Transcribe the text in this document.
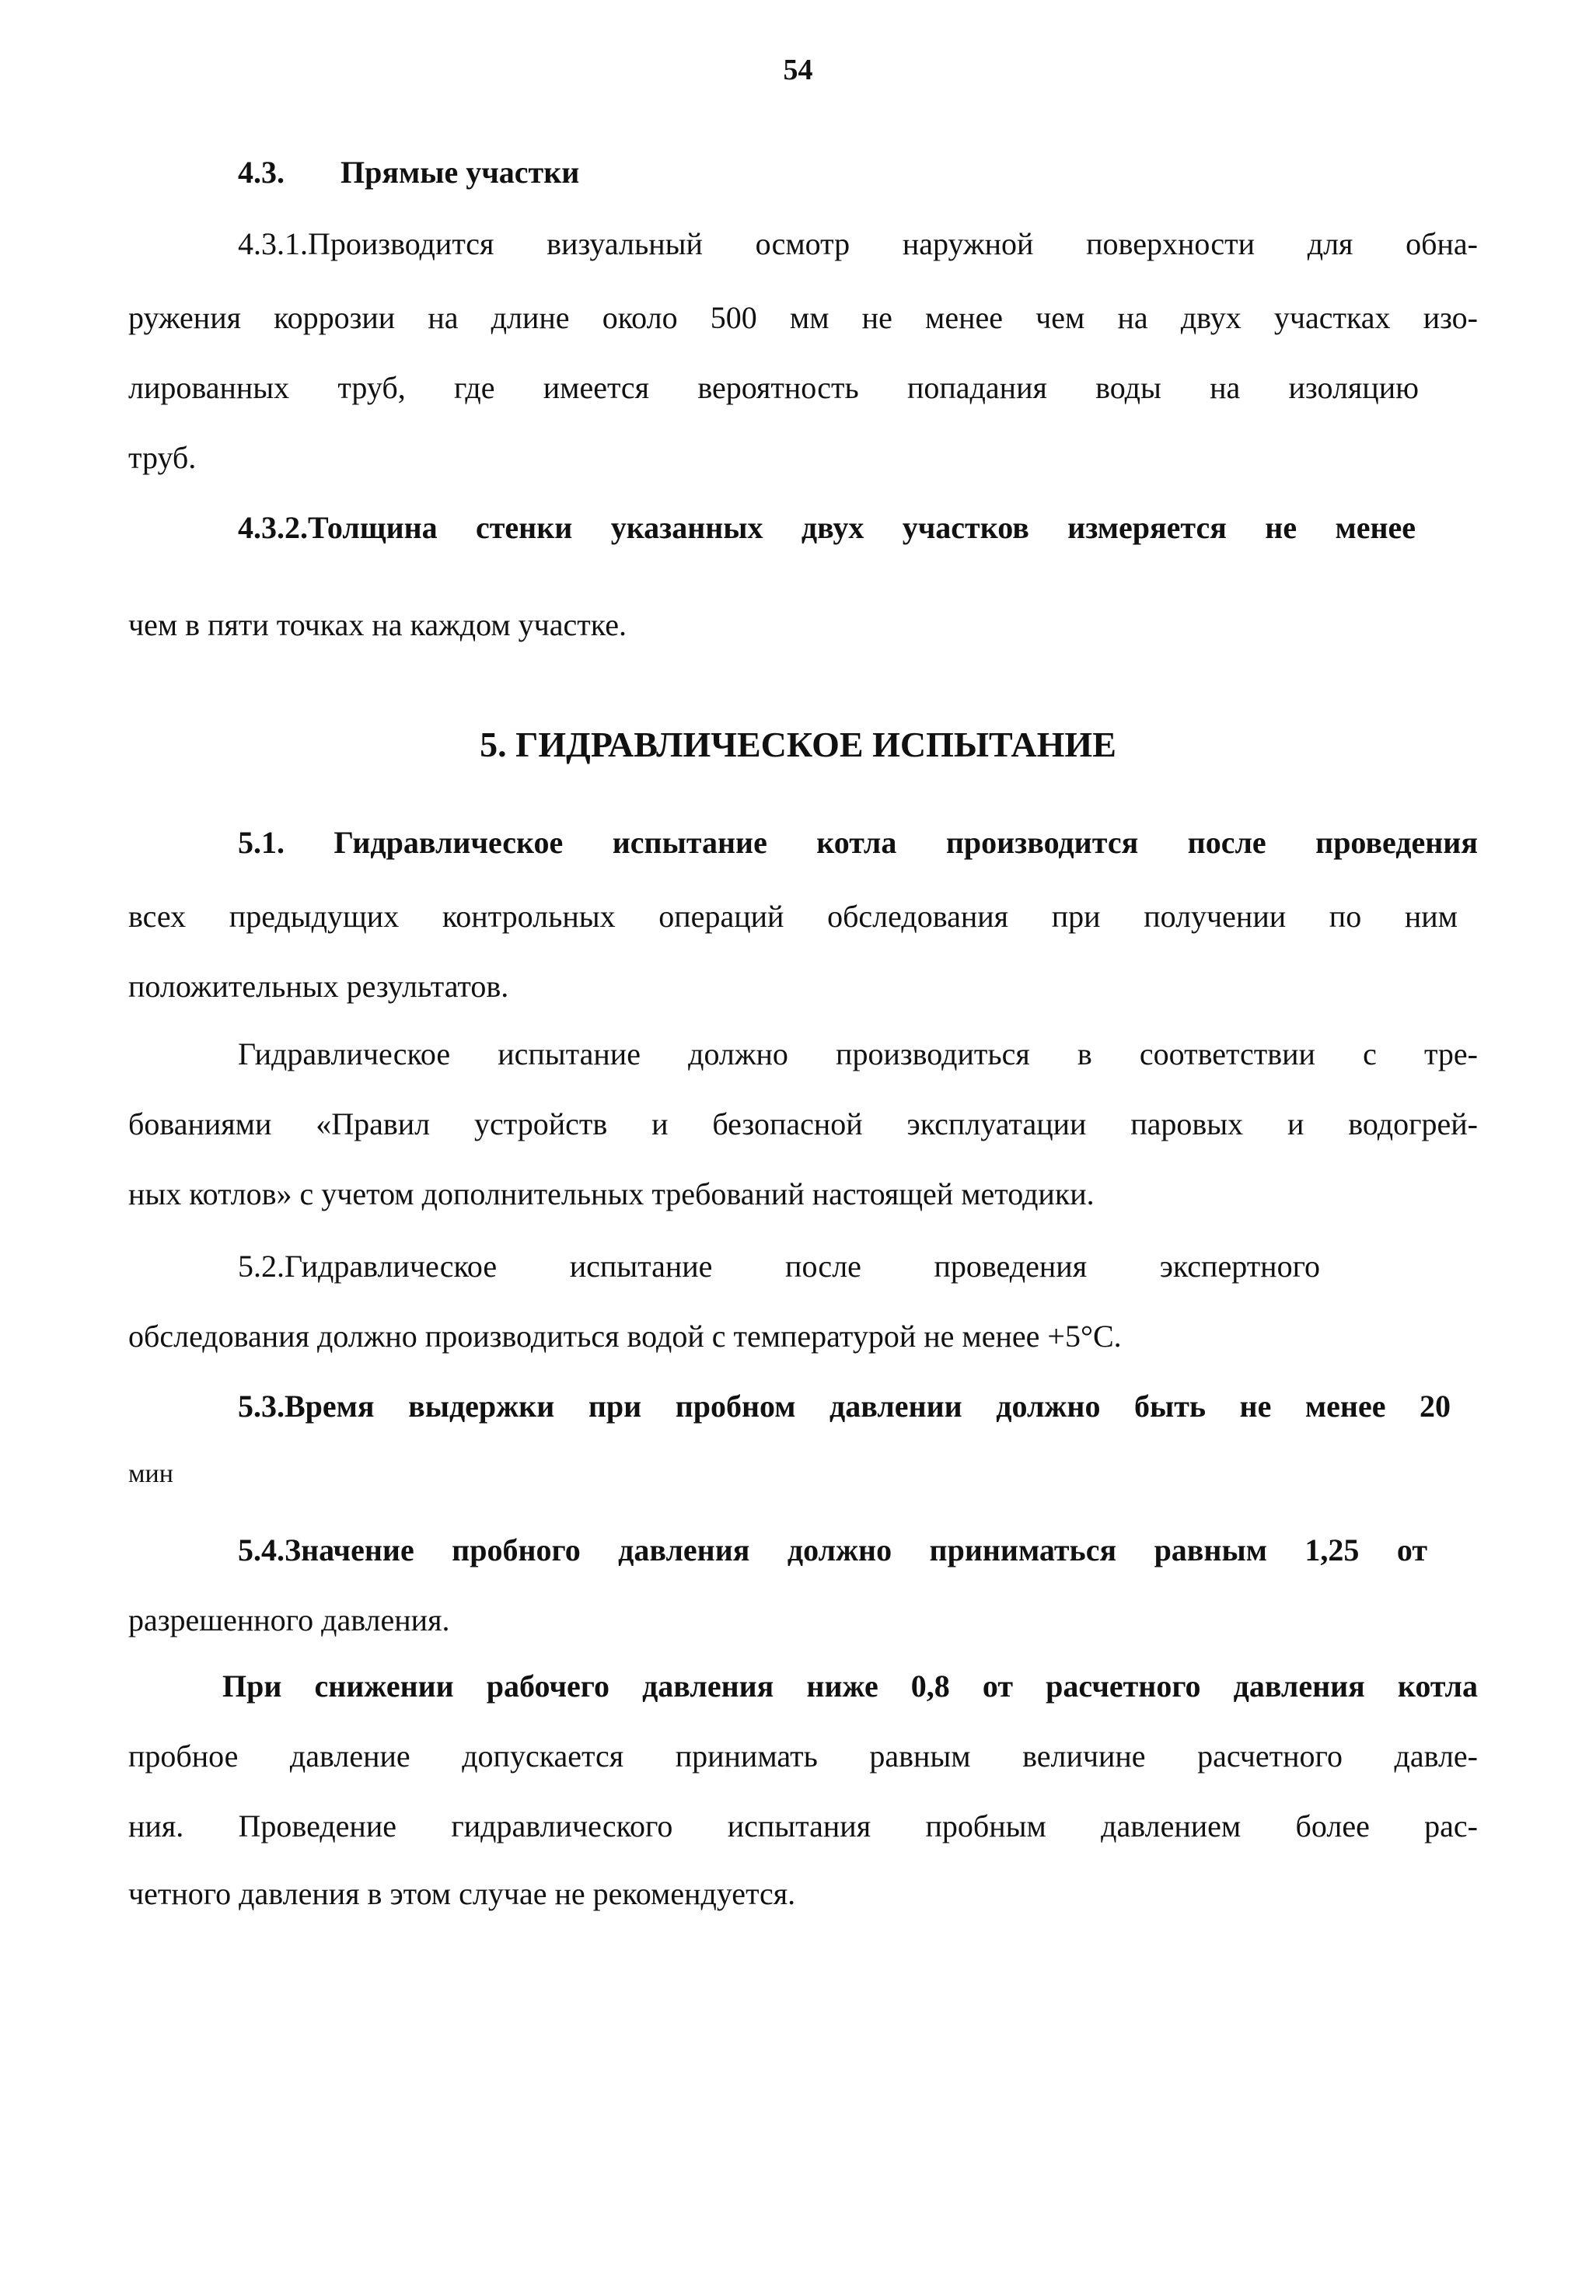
54
4.3. Прямые участки
4.3.1.Производится визуальный осмотр наружной поверхности для обна-
ружения коррозии на длине около 500 мм не менее чем на двух участках изо-
лированных труб, где имеется вероятность попадания воды на изоляцию
труб.
4.3.2.Толщина стенки указанных двух участков измеряется не менее
чем в пяти точках на каждом участке.
5. ГИДРАВЛИЧЕСКОЕ ИСПЫТАНИЕ
5.1. Гидравлическое испытание котла производится после проведения
всех предыдущих контрольных операций обследования при получении по ним
положительных результатов.
Гидравлическое испытание должно производиться в соответствии с тре-
бованиями «Правил устройств и безопасной эксплуатации паровых и водогрей-
ных котлов» с учетом дополнительных требований настоящей методики.
5.2.Гидравлическое испытание после проведения экспертного
обследования должно производиться водой с температурой не менее +5°С.
5.3.Время выдержки при пробном давлении должно быть не менее 20
мин
5.4.Значение пробного давления должно приниматься равным 1,25 от
разрешенного давления.
При снижении рабочего давления ниже 0,8 от расчетного давления котла
пробное давление допускается принимать равным величине расчетного давле-
ния. Проведение гидравлического испытания пробным давлением более рас-
четного давления в этом случае не рекомендуется.
